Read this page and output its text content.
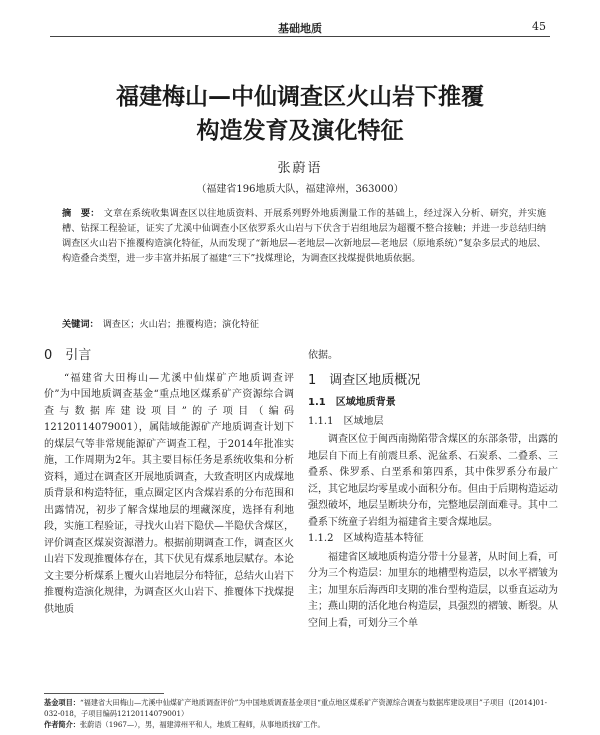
基础地质	45
福建梅山—中仙调查区火山岩下推覆
构造发育及演化特征
张蔚语
（福建省196地质大队，福建漳州，363000）
摘　要： 文章在系统收集调查区以往地质资料、开展系列野外地质测量工作的基础上，经过深入分析、研究，并实施槽、钻探工程验证，证实了尤溪中仙调查小区依罗系火山岩与下伏含于岩组地层为超覆不整合接触；并进一步总结归纳调查区火山岩下推覆构造演化特征，从而发现了“新地层—老地层—次新地层—老地层（原地系统）”复杂多层式的地层、构造叠合类型，进一步丰富并拓展了福建“三下”找煤理论，为调查区找煤提供地质依据。
关键词： 调查区；火山岩；推覆构造；演化特征
0　引言

“福建省大田梅山—尤溪中仙煤矿产地质调查评价”为中国地质调查基金“重点地区煤系矿产资源综合调查与数据库建设项目”的子项目（编码12120114079001），属陆域能源矿产地质调查计划下的煤层气等非常规能源矿产调查工程，于2014年批准实施，工作周期为2年。其主要目标任务是系统收集和分析资料，通过在调查区开展地质调查，大致查明区内成煤地质背景和构造特征，重点圈定区内含煤岩系的分布范围和出露情况，初步了解含煤地层的埋藏深度，选择有利地段，实施工程验证，寻找火山岩下隐伏—半隐伏含煤区，评价调查区煤炭资源潜力。根据前期调查工作，调查区火山岩下发现推覆体存在，其下伏见有煤系地层赋存。本论文主要分析煤系上覆火山岩地层分布特征，总结火山岩下推覆构造演化规律，为调查区火山岩下、推覆体下找煤提供地质

依据。

1　调查区地质概况
1.1　区域地质背景
1.1.1　区域地层

调查区位于闽西南拗陷带含煤区的东部条带，出露的地层自下而上有前震旦系、泥盆系、石炭系、二叠系、三叠系、侏罗系、白垩系和第四系，其中侏罗系分布最广泛，其它地层均零星或小面积分布。但由于后期构造运动强烈破坏，地层呈断块分布，完整地层剖面难寻。其中二叠系下统童子岩组为福建省主要含煤地层。

1.1.2　区域构造基本特征

福建省区域地质构造分带十分显著，从时间上看，可分为三个构造层：加里东的地槽型构造层，以水平褶皱为主；加里东后海西印支期的准台型构造层，以垂直运动为主；燕山期的活化地台构造层，具强烈的褶皱、断裂。从空间上看，可划分三个单

基金项目：“福建省大田梅山—尤溪中仙煤矿产地质调查评价”为中国地质调查基金项目“重点地区煤系矿产资源综合调查与数据库建设项目”子项目（[2014]01-032-018，子项目编码12120114079001）
作者简介：张蔚语（1967—），男，福建漳州平和人，地质工程师，从事地质找矿工作。
